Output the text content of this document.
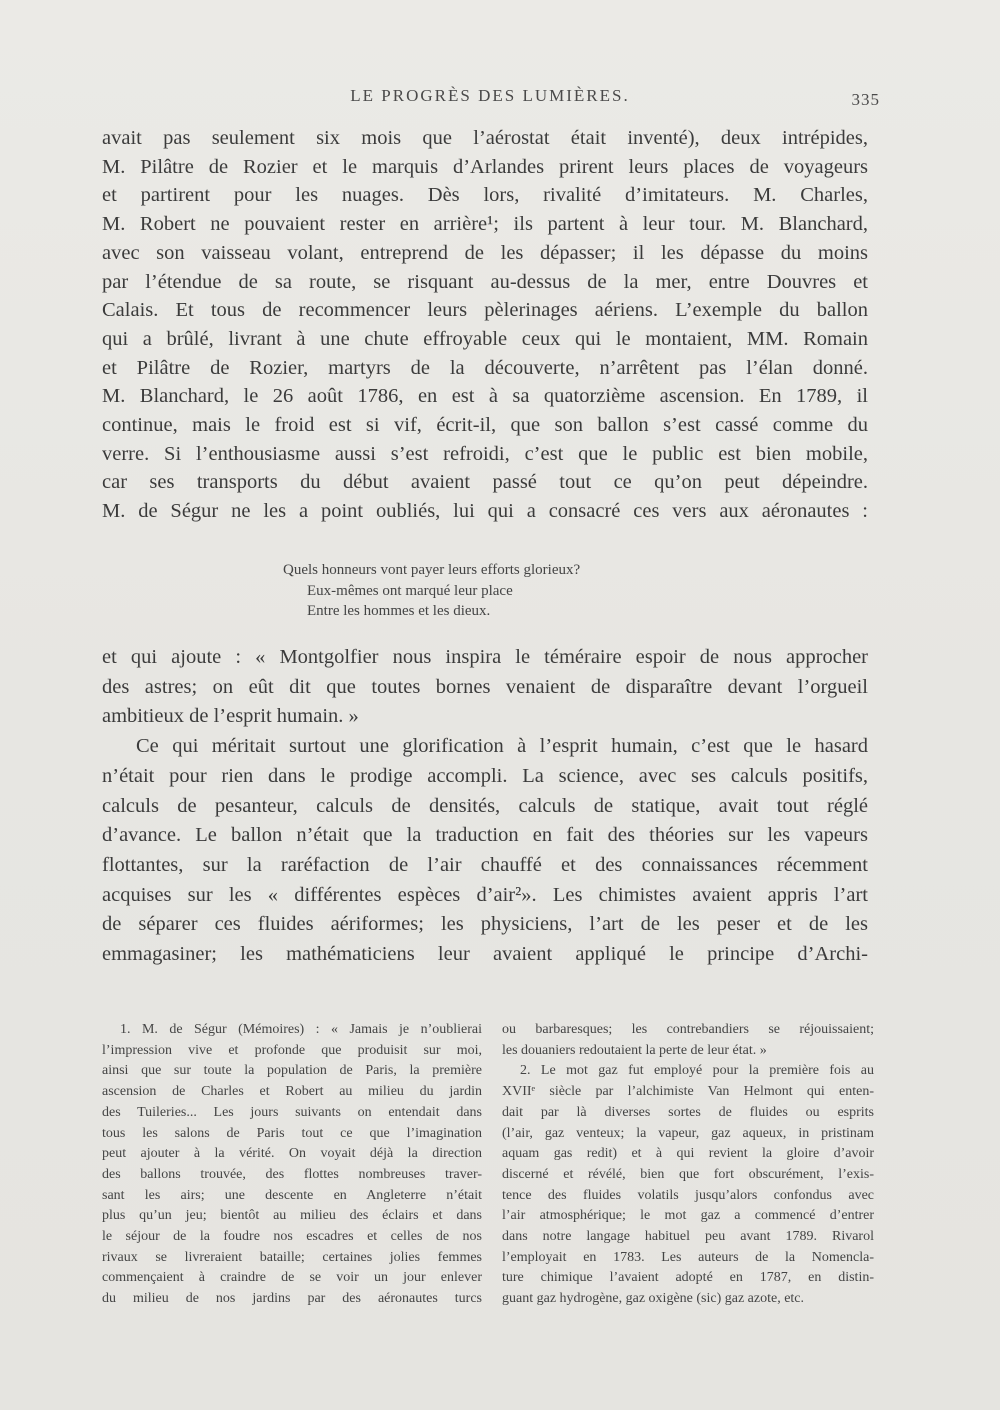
LE PROGRÈS DES LUMIÈRES.	335
avait pas seulement six mois que l’aérostat était inventé), deux intrépides,
M. Pilâtre de Rozier et le marquis d’Arlandes prirent leurs places de voyageurs
et partirent pour les nuages. Dès lors, rivalité d’imitateurs. M. Charles,
M. Robert ne pouvaient rester en arrière¹; ils partent à leur tour. M. Blanchard,
avec son vaisseau volant, entreprend de les dépasser; il les dépasse du moins
par l’étendue de sa route, se risquant au-dessus de la mer, entre Douvres et
Calais. Et tous de recommencer leurs pèlerinages aériens. L’exemple du ballon
qui a brûlé, livrant à une chute effroyable ceux qui le montaient, MM. Romain
et Pilâtre de Rozier, martyrs de la découverte, n’arrêtent pas l’élan donné.
M. Blanchard, le 26 août 1786, en est à sa quatorzième ascension. En 1789, il
continue, mais le froid est si vif, écrit-il, que son ballon s’est cassé comme du
verre. Si l’enthousiasme aussi s’est refroidi, c’est que le public est bien mobile,
car ses transports du début avaient passé tout ce qu’on peut dépeindre.
M. de Ségur ne les a point oubliés, lui qui a consacré ces vers aux aéronautes :
Quels honneurs vont payer leurs efforts glorieux?
Eux-mêmes ont marqué leur place
Entre les hommes et les dieux.
et qui ajoute : « Montgolfier nous inspira le téméraire espoir de nous approcher
des astres; on eût dit que toutes bornes venaient de disparaître devant l’orgueil
ambitieux de l’esprit humain. »
Ce qui méritait surtout une glorification à l’esprit humain, c’est que le hasard
n’était pour rien dans le prodige accompli. La science, avec ses calculs positifs,
calculs de pesanteur, calculs de densités, calculs de statique, avait tout réglé
d’avance. Le ballon n’était que la traduction en fait des théories sur les vapeurs
flottantes, sur la raréfaction de l’air chauffé et des connaissances récemment
acquises sur les « différentes espèces d’air²». Les chimistes avaient appris l’art
de séparer ces fluides aériformes; les physiciens, l’art de les peser et de les
emmagasiner; les mathématiciens leur avaient appliqué le principe d’Archi-
1. M. de Ségur (Mémoires) : « Jamais je n’oublierai
l’impression vive et profonde que produisit sur moi,
ainsi que sur toute la population de Paris, la première
ascension de Charles et Robert au milieu du jardin
des Tuileries... Les jours suivants on entendait dans
tous les salons de Paris tout ce que l’imagination
peut ajouter à la vérité. On voyait déjà la direction
des ballons trouvée, des flottes nombreuses traver-
sant les airs; une descente en Angleterre n’était
plus qu’un jeu; bientôt au milieu des éclairs et dans
le séjour de la foudre nos escadres et celles de nos
rivaux se livreraient bataille; certaines jolies femmes
commençaient à craindre de se voir un jour enlever
du milieu de nos jardins par des aéronautes turcs
ou barbaresques; les contrebandiers se réjouissaient;
les douaniers redoutaient la perte de leur état. »
2. Le mot gaz fut employé pour la première fois au
XVIIᵉ siècle par l’alchimiste Van Helmont qui enten-
dait par là diverses sortes de fluides ou esprits
(l’air, gaz venteux; la vapeur, gaz aqueux, in pristinam
aquam gas redit) et à qui revient la gloire d’avoir
discerné et révélé, bien que fort obscurément, l’exis-
tence des fluides volatils jusqu’alors confondus avec
l’air atmosphérique; le mot gaz a commencé d’entrer
dans notre langage habituel peu avant 1789. Rivarol
l’employait en 1783. Les auteurs de la Nomencla-
ture chimique l’avaient adopté en 1787, en distin-
guant gaz hydrogène, gaz oxigène (sic) gaz azote, etc.
